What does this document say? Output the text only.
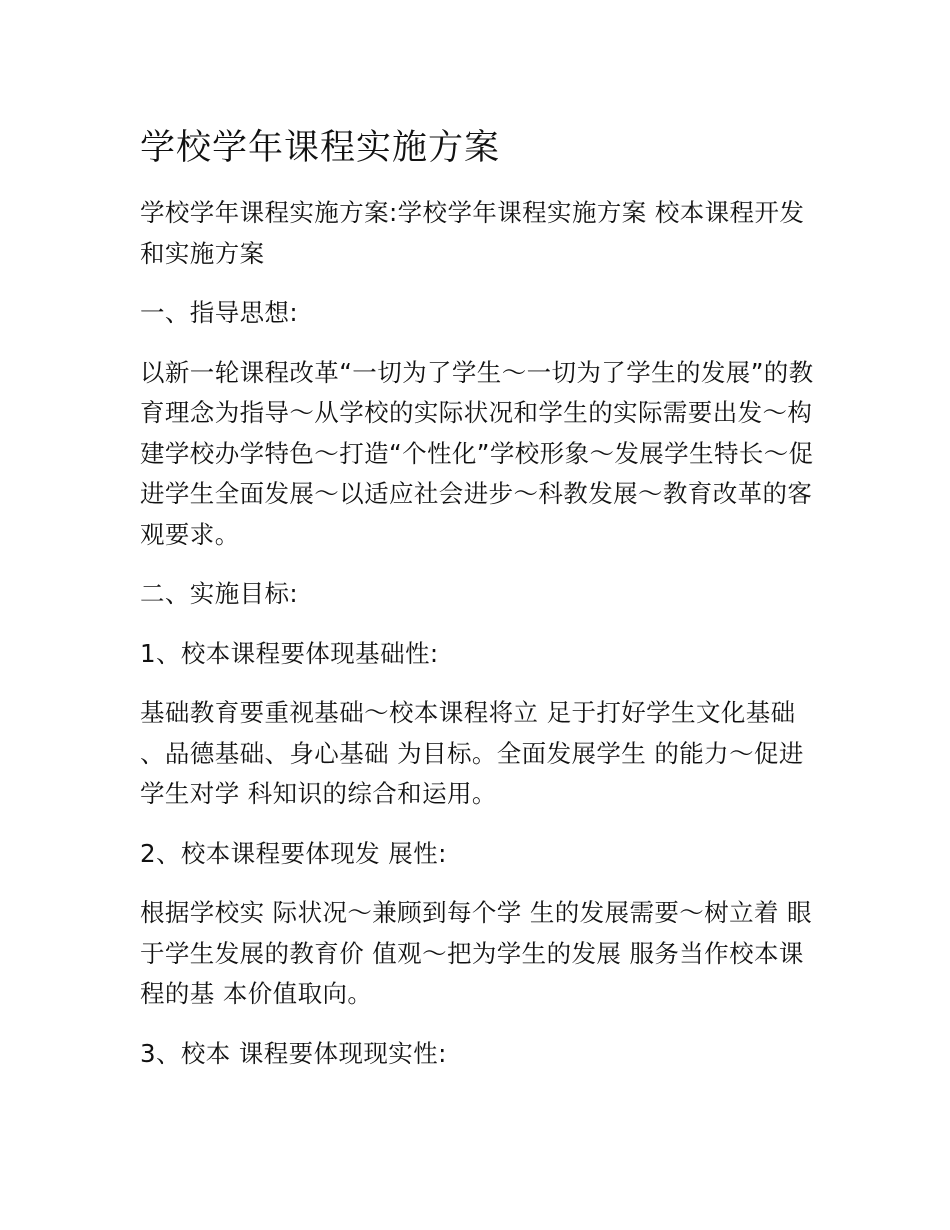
学校学年课程实施方案

学校学年课程实施方案:学校学年课程实施方案 校本课程开发和实施方案

一、指导思想:

以新一轮课程改革“一切为了学生～一切为了学生的发展”的教育理念为指导～从学校的实际状况和学生的实际需要出发～构建学校办学特色～打造“个性化”学校形象～发展学生特长～促进学生全面发展～以适应社会进步～科教发展～教育改革的客观要求。

二、实施目标:

1、校本课程要体现基础性:

基础教育要重视基础～校本课程将立 足于打好学生文化基础 、品德基础、身心基础 为目标。全面发展学生 的能力～促进学生对学 科知识的综合和运用。

2、校本课程要体现发 展性:

根据学校实 际状况～兼顾到每个学 生的发展需要～树立着 眼于学生发展的教育价 值观～把为学生的发展 服务当作校本课程的基 本价值取向。

3、校本 课程要体现现实性:
